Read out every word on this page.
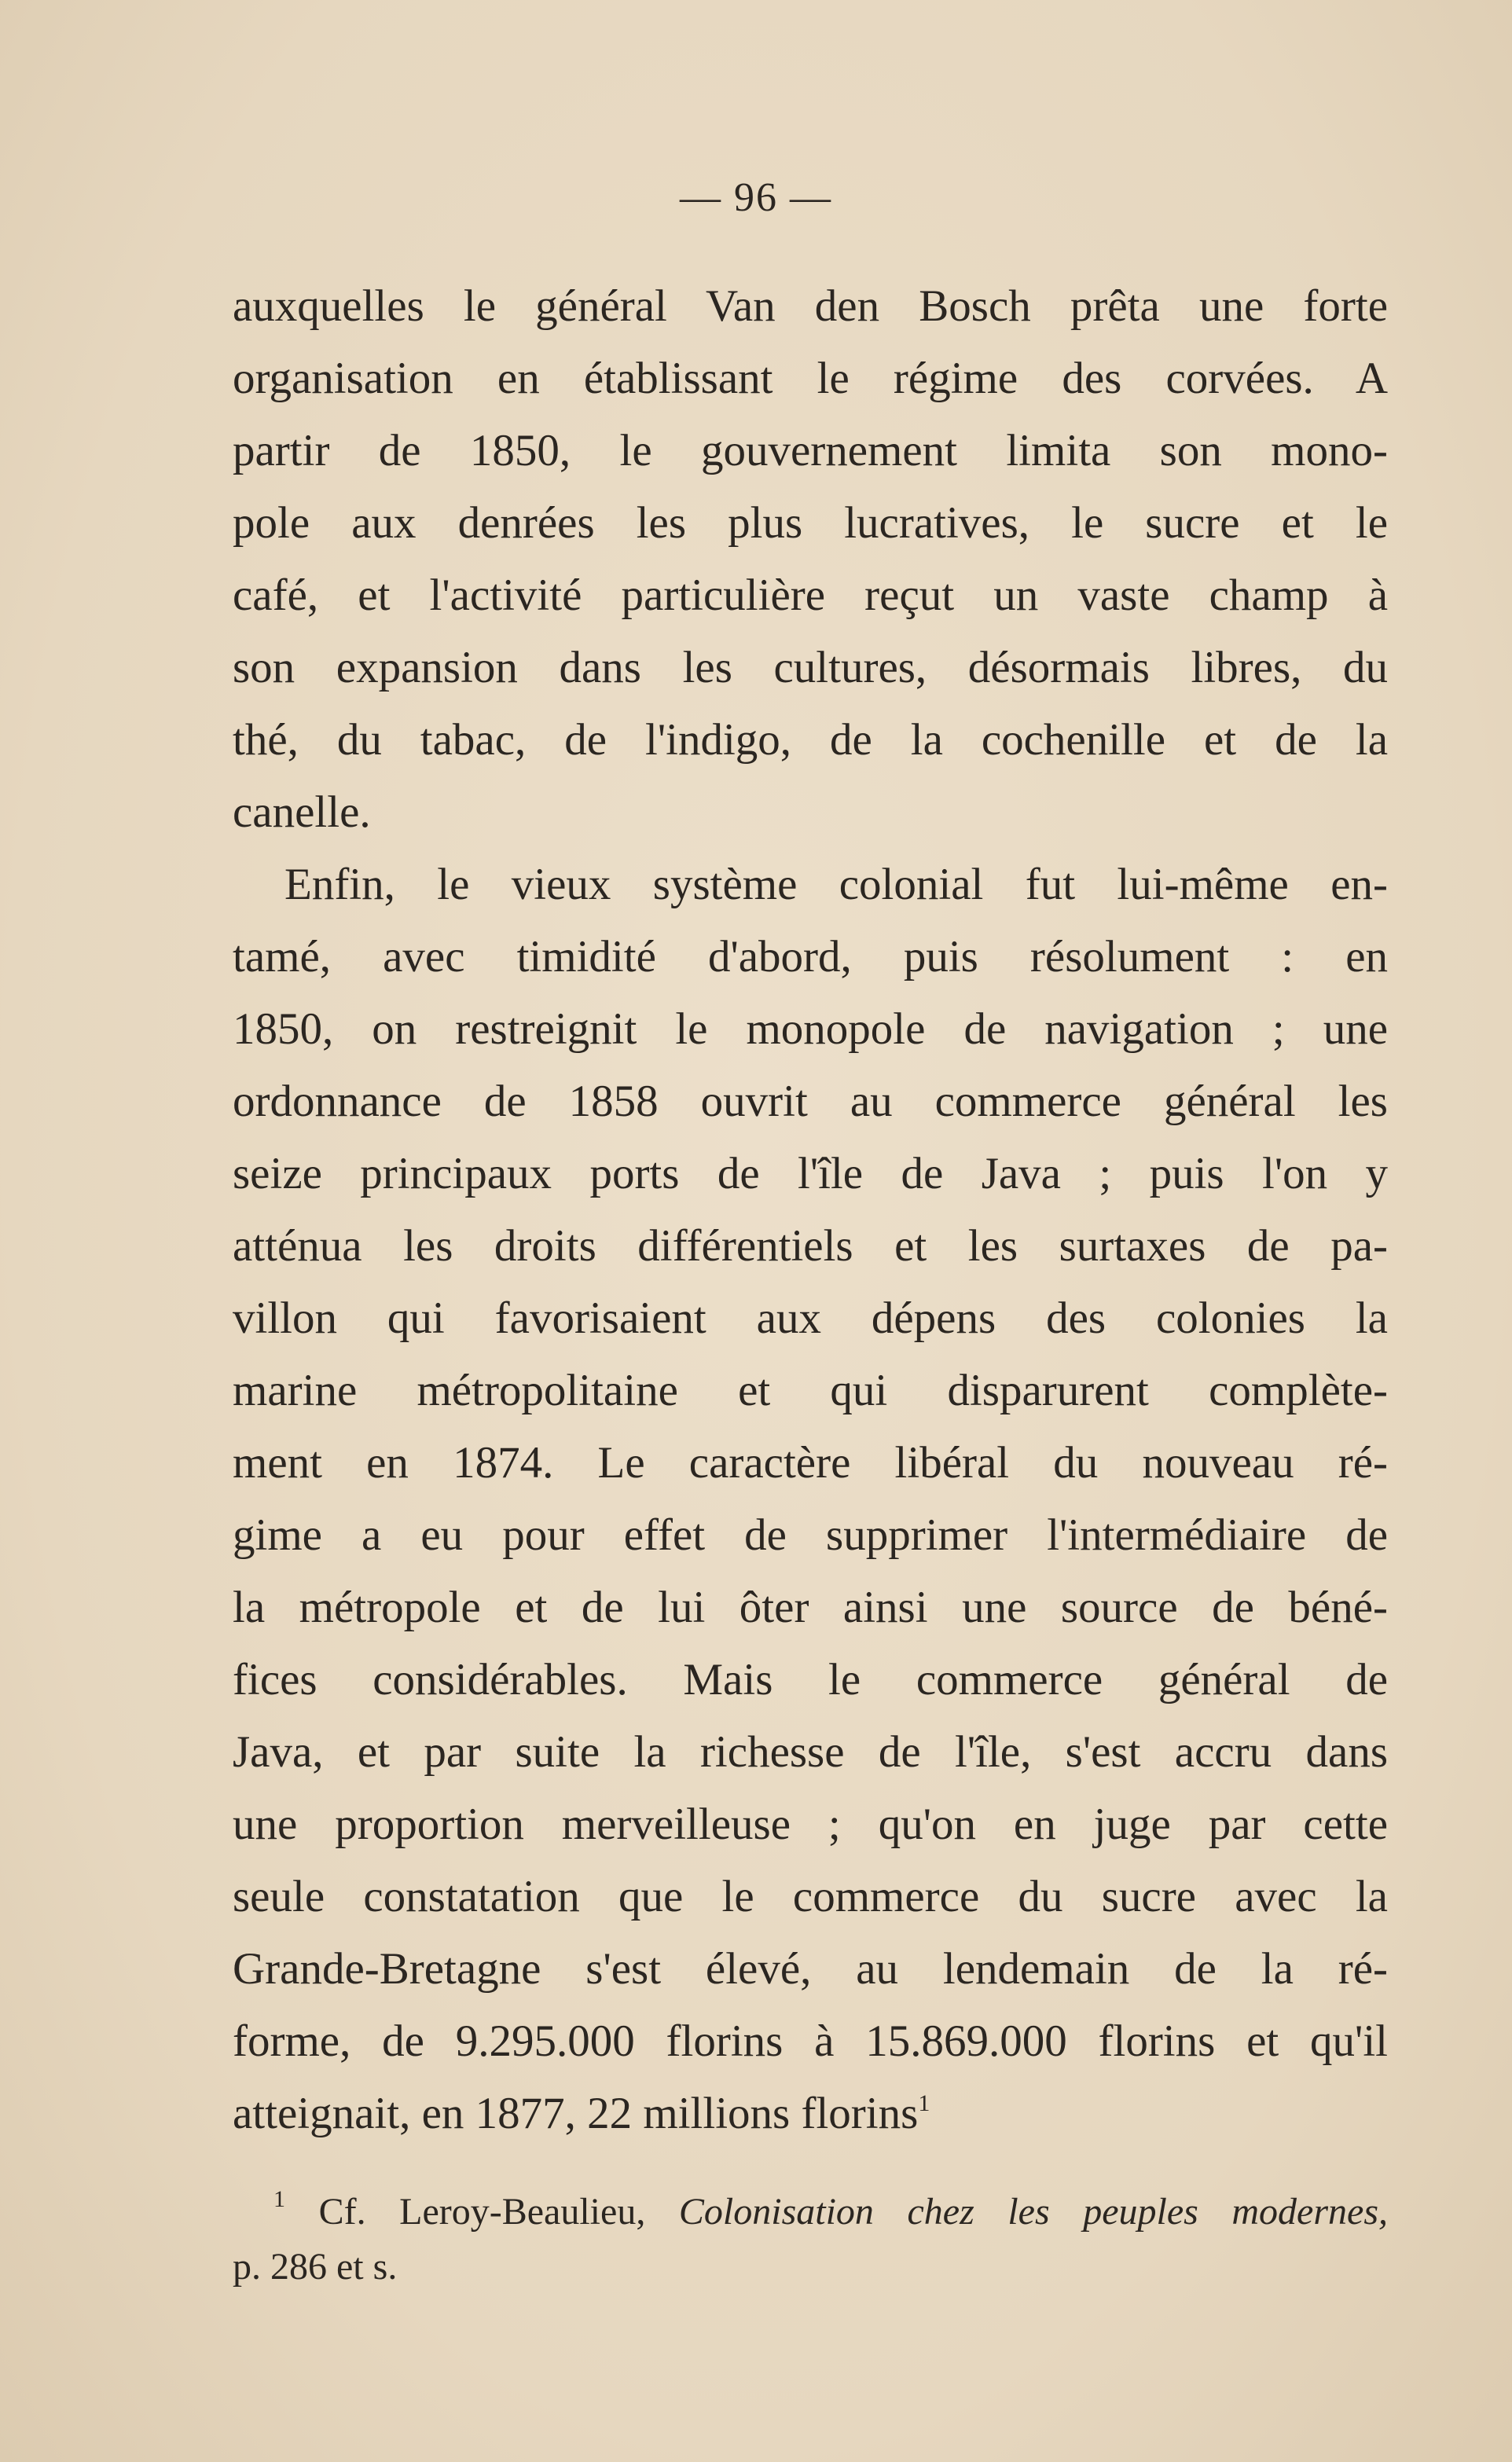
— 96 —
auxquelles le général Van den Bosch prêta une forte
organisation en établissant le régime des corvées. A
partir de 1850, le gouvernement limita son mono-
pole aux denrées les plus lucratives, le sucre et le
café, et l'activité particulière reçut un vaste champ à
son expansion dans les cultures, désormais libres, du
thé, du tabac, de l'indigo, de la cochenille et de la
canelle.
Enfin, le vieux système colonial fut lui-même en-
tamé, avec timidité d'abord, puis résolument : en
1850, on restreignit le monopole de navigation ; une
ordonnance de 1858 ouvrit au commerce général les
seize principaux ports de l'île de Java ; puis l'on y
atténua les droits différentiels et les surtaxes de pa-
villon qui favorisaient aux dépens des colonies la
marine métropolitaine et qui disparurent complète-
ment en 1874. Le caractère libéral du nouveau ré-
gime a eu pour effet de supprimer l'intermédiaire de
la métropole et de lui ôter ainsi une source de béné-
fices considérables. Mais le commerce général de
Java, et par suite la richesse de l'île, s'est accru dans
une proportion merveilleuse ; qu'on en juge par cette
seule constatation que le commerce du sucre avec la
Grande-Bretagne s'est élevé, au lendemain de la ré-
forme, de 9.295.000 florins à 15.869.000 florins et qu'il
atteignait, en 1877, 22 millions florins$^1$
$^1$ Cf. Leroy-Beaulieu, Colonisation chez les peuples modernes,
p. 286 et s.
